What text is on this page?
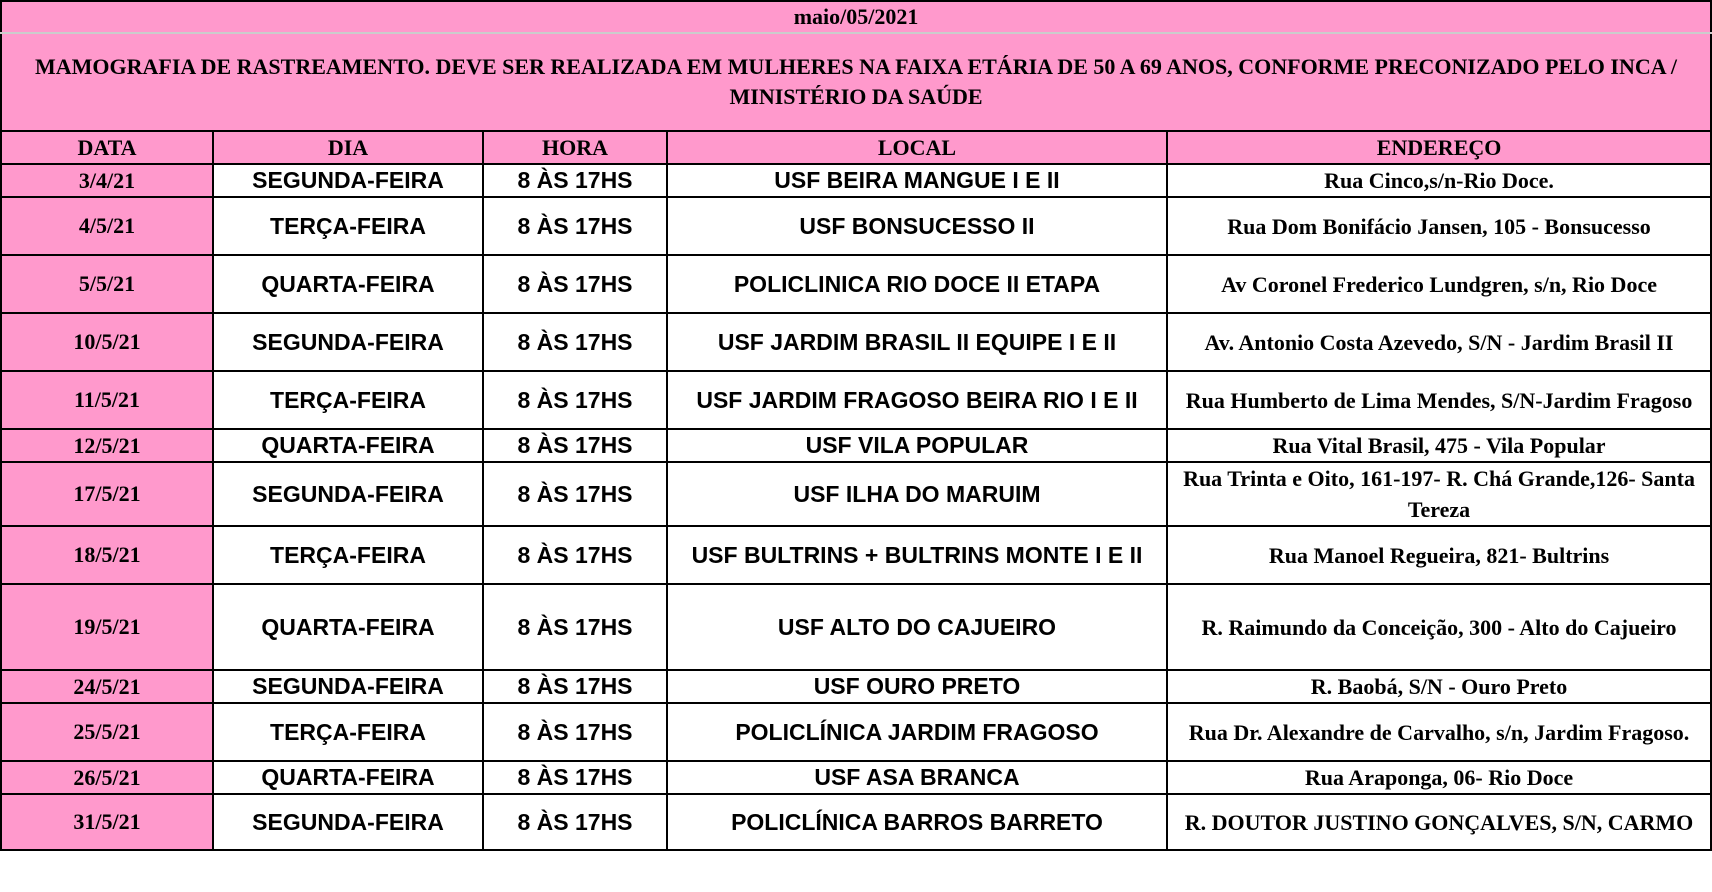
maio/05/2021				
MAMOGRAFIA DE RASTREAMENTO. DEVE SER REALIZADA EM MULHERES NA FAIXA ETÁRIA DE 50 A 69 ANOS, CONFORME PRECONIZADO PELO INCA /
MINISTÉRIO DA SAÚDE				
DATA	DIA	HORA	LOCAL	ENDEREÇO
3/4/21	SEGUNDA-FEIRA	8 ÀS 17HS	USF BEIRA MANGUE I E II	Rua Cinco,s/n-Rio Doce.
4/5/21	TERÇA-FEIRA	8 ÀS 17HS	USF BONSUCESSO II	Rua Dom Bonifácio Jansen, 105 - Bonsucesso
5/5/21	QUARTA-FEIRA	8 ÀS 17HS	POLICLINICA RIO DOCE II ETAPA	Av Coronel Frederico Lundgren, s/n, Rio Doce
10/5/21	SEGUNDA-FEIRA	8 ÀS 17HS	USF JARDIM BRASIL II EQUIPE I E II	Av. Antonio Costa Azevedo, S/N - Jardim Brasil II
11/5/21	TERÇA-FEIRA	8 ÀS 17HS	USF JARDIM FRAGOSO BEIRA RIO I E II	Rua Humberto de Lima Mendes, S/N-Jardim Fragoso
12/5/21	QUARTA-FEIRA	8 ÀS 17HS	USF VILA POPULAR	Rua Vital Brasil, 475 - Vila Popular
17/5/21	SEGUNDA-FEIRA	8 ÀS 17HS	USF ILHA DO MARUIM	Rua Trinta e Oito, 161-197- R. Chá Grande,126- Santa Tereza
18/5/21	TERÇA-FEIRA	8 ÀS 17HS	USF BULTRINS + BULTRINS MONTE I E II	Rua Manoel Regueira, 821- Bultrins
19/5/21	QUARTA-FEIRA	8 ÀS 17HS	USF ALTO DO CAJUEIRO	R. Raimundo da Conceição, 300 - Alto do Cajueiro
24/5/21	SEGUNDA-FEIRA	8 ÀS 17HS	USF OURO PRETO	R. Baobá, S/N - Ouro Preto
25/5/21	TERÇA-FEIRA	8 ÀS 17HS	POLICLÍNICA JARDIM FRAGOSO	Rua Dr. Alexandre de Carvalho, s/n, Jardim Fragoso.
26/5/21	QUARTA-FEIRA	8 ÀS 17HS	USF ASA BRANCA	Rua Araponga, 06- Rio Doce
31/5/21	SEGUNDA-FEIRA	8 ÀS 17HS	POLICLÍNICA BARROS BARRETO	R. DOUTOR JUSTINO GONÇALVES, S/N, CARMO
